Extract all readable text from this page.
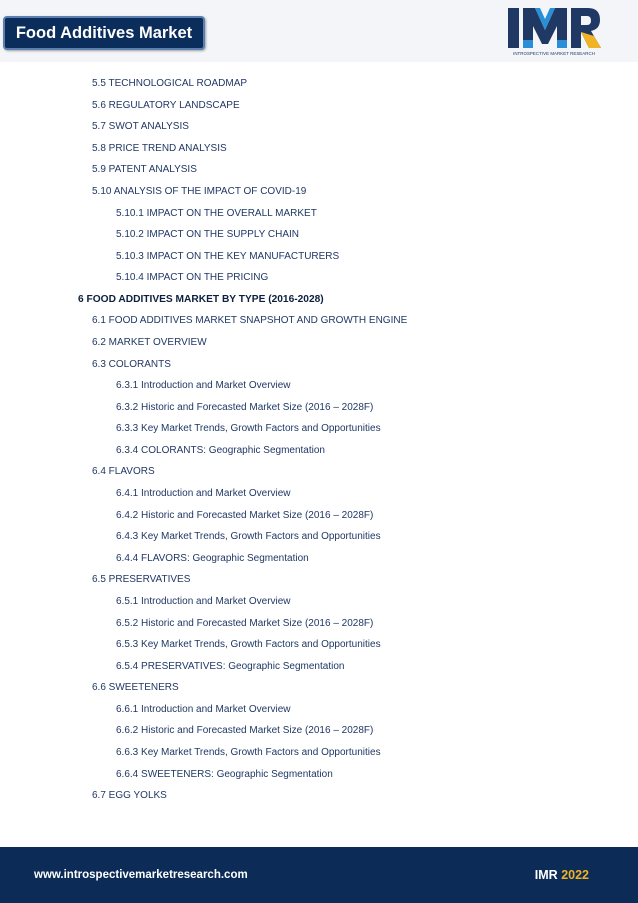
Food Additives Market
INTROSPECTIVE MARKET RESEARCH
5.5 TECHNOLOGICAL ROADMAP
5.6 REGULATORY LANDSCAPE
5.7 SWOT ANALYSIS
5.8 PRICE TREND ANALYSIS
5.9 PATENT ANALYSIS
5.10 ANALYSIS OF THE IMPACT OF COVID-19
5.10.1 IMPACT ON THE OVERALL MARKET
5.10.2 IMPACT ON THE SUPPLY CHAIN
5.10.3 IMPACT ON THE KEY MANUFACTURERS
5.10.4 IMPACT ON THE PRICING
6 FOOD ADDITIVES MARKET BY TYPE (2016-2028)
6.1 FOOD ADDITIVES MARKET SNAPSHOT AND GROWTH ENGINE
6.2 MARKET OVERVIEW
6.3 COLORANTS
6.3.1 Introduction and Market Overview
6.3.2 Historic and Forecasted Market Size (2016 – 2028F)
6.3.3 Key Market Trends, Growth Factors and Opportunities
6.3.4 COLORANTS: Geographic Segmentation
6.4 FLAVORS
6.4.1 Introduction and Market Overview
6.4.2 Historic and Forecasted Market Size (2016 – 2028F)
6.4.3 Key Market Trends, Growth Factors and Opportunities
6.4.4 FLAVORS: Geographic Segmentation
6.5 PRESERVATIVES
6.5.1 Introduction and Market Overview
6.5.2 Historic and Forecasted Market Size (2016 – 2028F)
6.5.3 Key Market Trends, Growth Factors and Opportunities
6.5.4 PRESERVATIVES: Geographic Segmentation
6.6 SWEETENERS
6.6.1 Introduction and Market Overview
6.6.2 Historic and Forecasted Market Size (2016 – 2028F)
6.6.3 Key Market Trends, Growth Factors and Opportunities
6.6.4 SWEETENERS: Geographic Segmentation
6.7 EGG YOLKS
www.introspectivemarketresearch.com	IMR 2022
